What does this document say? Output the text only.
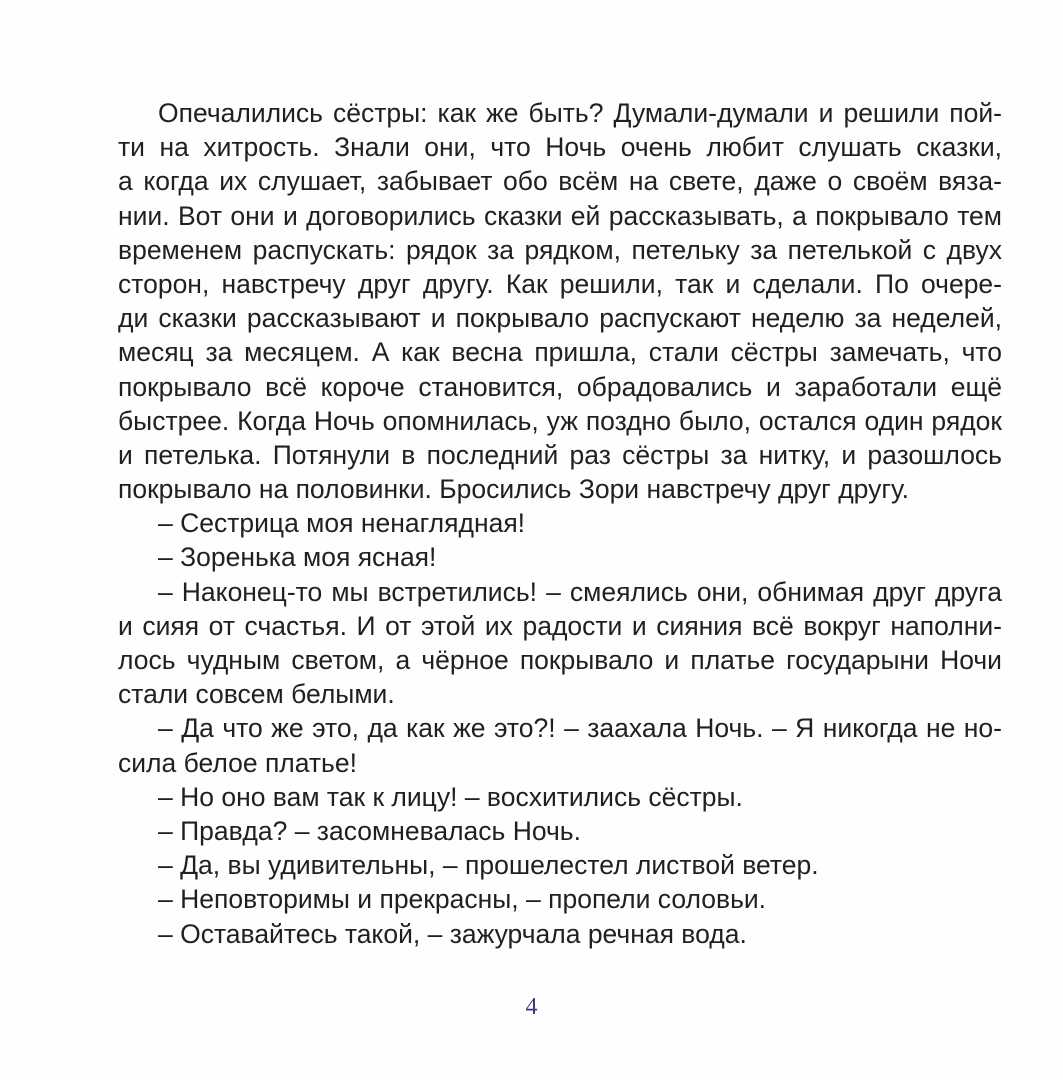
Опечалились сёстры: как же быть? Думали-думали и решили пой-
ти на хитрость. Знали они, что Ночь очень любит слушать сказки,
а когда их слушает, забывает обо всём на свете, даже о своём вяза-
нии. Вот они и договорились сказки ей рассказывать, а покрывало тем
временем распускать: рядок за рядком, петельку за петелькой с двух
сторон, навстречу друг другу. Как решили, так и сделали. По очере-
ди сказки рассказывают и покрывало распускают неделю за неделей,
месяц за месяцем. А как весна пришла, стали сёстры замечать, что
покрывало всё короче становится, обрадовались и заработали ещё
быстрее. Когда Ночь опомнилась, уж поздно было, остался один рядок
и петелька. Потянули в последний раз сёстры за нитку, и разошлось
покрывало на половинки. Бросились Зори навстречу друг другу.
– Сестрица моя ненаглядная!
– Зоренька моя ясная!
– Наконец-то мы встретились! – смеялись они, обнимая друг друга
и сияя от счастья. И от этой их радости и сияния всё вокруг наполни-
лось чудным светом, а чёрное покрывало и платье государыни Ночи
стали совсем белыми.
– Да что же это, да как же это?! – заахала Ночь. – Я никогда не но-
сила белое платье!
– Но оно вам так к лицу! – восхитились сёстры.
– Правда? – засомневалась Ночь.
– Да, вы удивительны, – прошелестел листвой ветер.
– Неповторимы и прекрасны, – пропели соловьи.
– Оставайтесь такой, – зажурчала речная вода.
4
